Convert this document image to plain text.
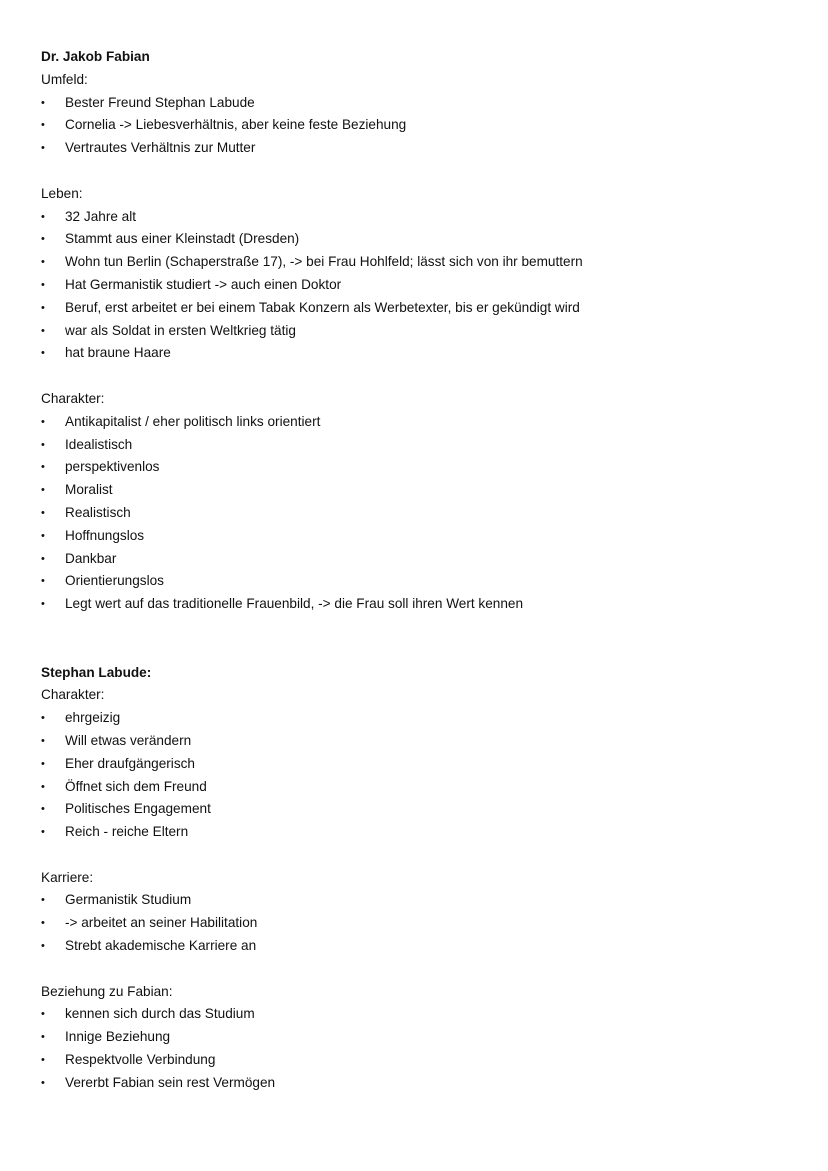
Dr. Jakob Fabian
Umfeld:
•	Bester Freund Stephan Labude
•	Cornelia -> Liebesverhältnis, aber keine feste Beziehung
•	Vertrautes Verhältnis zur Mutter
Leben:
•	32 Jahre alt
•	Stammt aus einer Kleinstadt (Dresden)
•	Wohn tun Berlin (Schaperstraße 17), -> bei Frau Hohlfeld; lässt sich von ihr bemuttern
•	Hat Germanistik studiert -> auch einen Doktor
•	Beruf, erst arbeitet er bei einem Tabak Konzern als Werbetexter, bis er gekündigt wird
•	war als Soldat in ersten Weltkrieg tätig
•	hat braune Haare
Charakter:
•	Antikapitalist / eher politisch links orientiert
•	Idealistisch
•	perspektivenlos
•	Moralist
•	Realistisch
•	Hoffnungslos
•	Dankbar
•	Orientierungslos
•	Legt wert auf das traditionelle Frauenbild, -> die Frau soll ihren Wert kennen
Stephan Labude:
Charakter:
•	ehrgeizig
•	Will etwas verändern
•	Eher draufgängerisch
•	Öffnet sich dem Freund
•	Politisches Engagement
•	Reich - reiche Eltern
Karriere:
•	Germanistik Studium
•	-> arbeitet an seiner Habilitation
•	Strebt akademische Karriere an
Beziehung zu Fabian:
•	kennen sich durch das Studium
•	Innige Beziehung
•	Respektvolle Verbindung
•	Vererbt Fabian sein rest Vermögen
